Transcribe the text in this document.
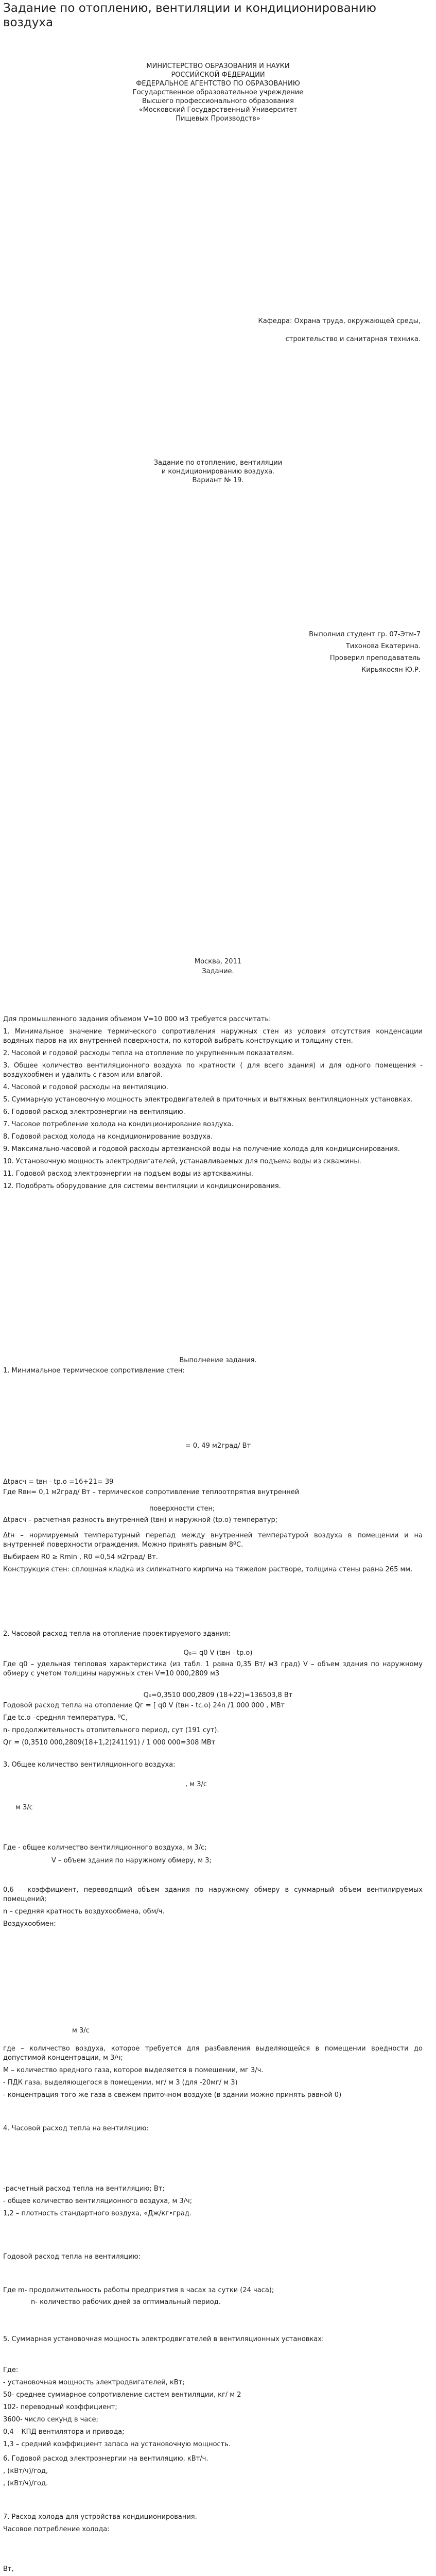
Задание по отоплению, вентиляции и кондиционированию воздуха
МИНИСТЕРСТВО ОБРАЗОВАНИЯ И НАУКИ
РОССИЙСКОЙ ФЕДЕРАЦИИ
ФЕДЕРАЛЬНОЕ АГЕНТСТВО ПО ОБРАЗОВАНИЮ
Государственное образовательное учреждение
Высшего профессионального образования
«Московский Государственный Университет
Пищевых Производств»
Кафедра: Охрана труда, окружающей среды,
строительство и санитарная техника.
Задание по отоплению, вентиляции
и кондиционированию воздуха.
Вариант № 19.
Выполнил студент гр. 07-Этм-7
Тихонова Екатерина.
Проверил преподаватель
Кирьякосян Ю.Р.
Москва, 2011
Задание.

Для промышленного задания объемом V=10 000 м3 требуется рассчитать:

1. Минимальное значение термического сопротивления наружных стен из условия отсутствия конденсации водяных паров на их внутренней поверхности, по которой выбрать конструкцию и толщину стен.

2. Часовой и годовой расходы тепла на отопление по укрупненным показателям.

3. Общее количество вентиляционного воздуха по кратности ( для всего здания) и для одного помещения - воздухообмен и удалить с газом или влагой.

4. Часовой и годовой расходы на вентиляцию.

5. Суммарную установочную мощность электродвигателей в приточных и вытяжных вентиляционных установках.

6. Годовой расход электроэнергии на вентиляцию.

7. Часовое потребление холода на кондиционирование воздуха.

8. Годовой расход холода на кондиционирование воздуха.

9. Максимально-часовой и годовой расходы артезианской воды на получение холода для кондиционирования.

10. Установочную мощность электродвигателей, устанавливаемых для подъема воды из скважины.

11. Годовой расход электроэнергии на подъем воды из артскважины.

12. Подобрать оборудование для системы вентиляции и кондиционирования.

Выполнение задания.
1. Минимальное термическое сопротивление стен:
= 0, 49 м2град/ Вт
Δtрасч = tвн - tр.о =16+21= 39
Где Rвн= 0,1 м2град/ Вт – термическое сопротивление теплоотпрятия внутренней
поверхности стен;
Δtрасч – расчетная разность внутренней (tвн) и наружной (tр.о) температур;

Δtн – нормируемый температурный перепад между внутренней температурой воздуха в помещении и на внутренней поверхности ограждения. Можно принять равным 8ºС.

Выбираем R0 ≥ Rmin , R0 =0,54 м2град/ Вт.

Конструкция стен: сплошная кладка из силикатного кирпича на тяжелом растворе, толщина стены равна 265 мм.

2. Часовой расход тепла на отопление проектируемого здания:
Q₀= q0 V (tвн - tр.о)

Где q0 – удельная тепловая характеристика (из табл. 1 равна 0,35 Вт/ м3 град) V – объем здания по наружному обмеру с учетом толщины наружных стен V=10 000,2809 м3

Q₀=0,3510 000,2809 (18+22)=136503,8 Вт

Годовой расход тепла на отопление Qг = [ q0 V (tвн - tс.о) 24n /1 000 000 , МВт

Где tс.о –средняя температура, ºС,

n- продолжительность отопительного период, сут (191 сут).

Qг = (0,3510 000,2809(18+1,2)241191) / 1 000 000=308 МВт

3. Общее количество вентиляционного воздуха:
, м 3/с
м 3/с
Где - общее количество вентиляционного воздуха, м 3/с;
V – объем здания по наружному обмеру, м 3;

0,6 – коэффициент, переводящий объем здания по наружному обмеру в суммарный объем вентилируемых помещений;

n – средняя кратность воздухообмена, обм/ч.

Воздухообмен:

м 3/с

где – количество воздуха, которое требуется для разбавления выделяющейся в помещении вредности до допустимой концентрации, м 3/ч;

M – количество вредного газа, которое выделяется в помещении, мг 3/ч.

- ПДК газа, выделяющегося в помещении, мг/ м 3 (для -20мг/ м 3)

- концентрация того же газа в свежем приточном воздухе (в здании можно принять равной 0)

4. Часовой расход тепла на вентиляцию:

-расчетный расход тепла на вентиляцию; Вт;

- общее количество вентиляционного воздуха, м 3/ч;

1,2 – плотность стандартного воздуха, «Дж/кг•град.

Годовой расход тепла на вентиляцию:
Где m- продолжительность работы предприятия в часах за сутки (24 часа);
n- количество рабочих дней за оптимальный период.

5. Суммарная установочная мощность электродвигателей в вентиляционных установках:

Где:

- установочная мощность электродвигателей, кВт;

50- среднее суммарное сопротивление систем вентиляции, кг/ м 2

102- переводный коэффициент;

3600- число секунд в часе;

0,4 – КПД вентилятора и привода;

1,3 – средний коэффициент запаса на установочную мощность.

6. Годовой расход электроэнергии на вентиляцию, кВт/ч.

, (кВт/ч)/год,

, (кВт/ч)/год.

7. Расход холода для устройства кондиционирования.

Часовое потребление холода:

Вт,
